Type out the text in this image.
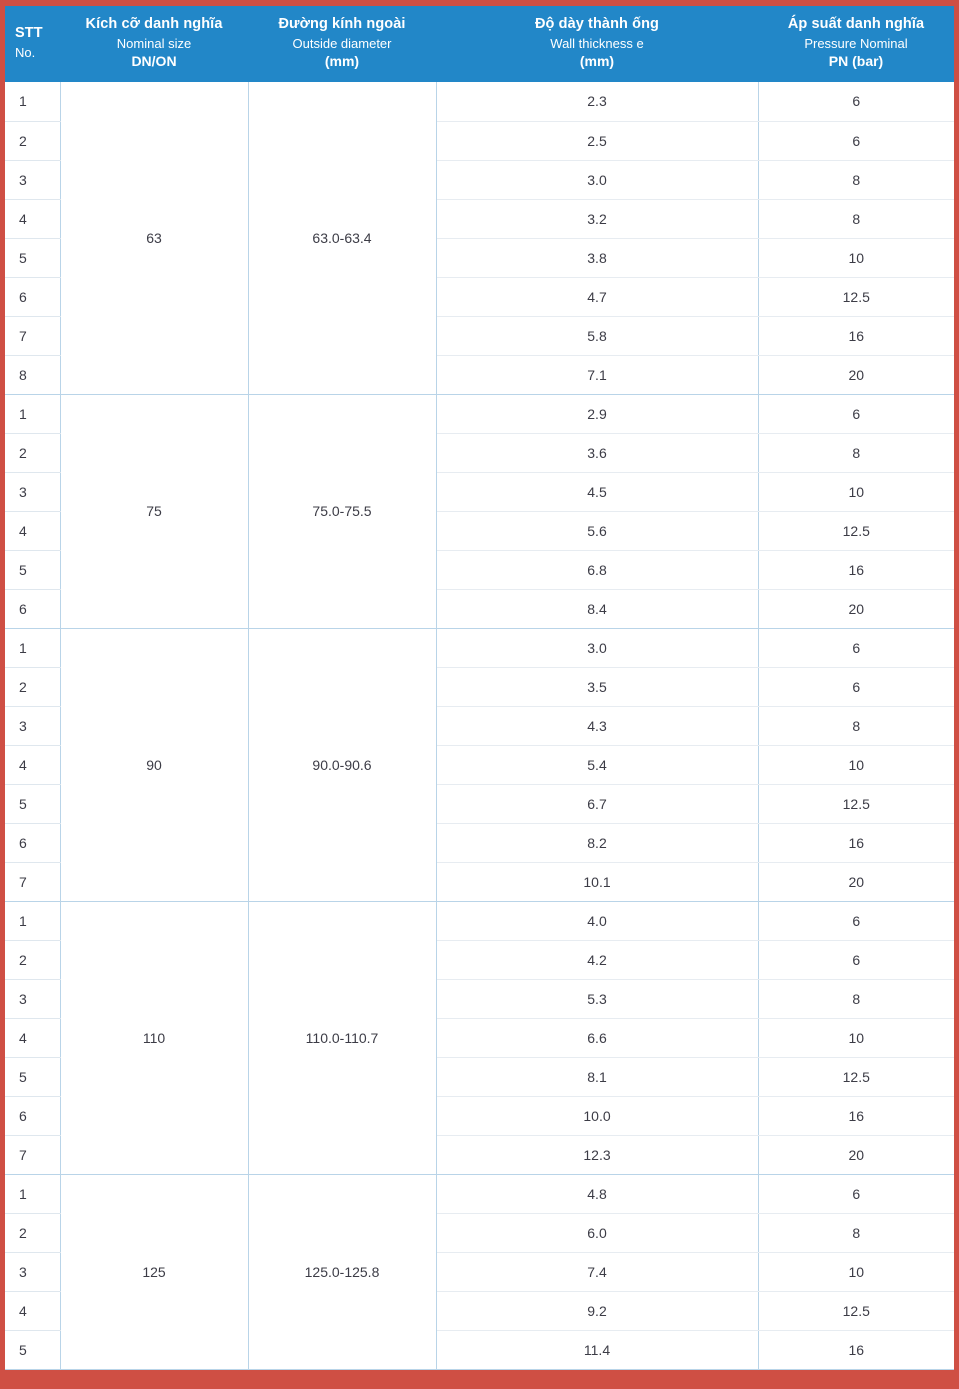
STT
No.

Kích cỡ danh nghĩa
Nominal size
DN/ON

Đường kính ngoài
Outside diameter
(mm)

Độ dày thành ống
Wall thickness e
(mm)

Áp suất danh nghĩa
Pressure Nominal
PN (bar)

1	63	63.0-63.4	2.3	6
2			2.5	6
3			3.0	8
4			3.2	8
5			3.8	10
6			4.7	12.5
7			5.8	16
8			7.1	20
1	75	75.0-75.5	2.9	6
2			3.6	8
3			4.5	10
4			5.6	12.5
5			6.8	16
6			8.4	20
1	90	90.0-90.6	3.0	6
2			3.5	6
3			4.3	8
4			5.4	10
5			6.7	12.5
6			8.2	16
7			10.1	20
1	110	110.0-110.7	4.0	6
2			4.2	6
3			5.3	8
4			6.6	10
5			8.1	12.5
6			10.0	16
7			12.3	20
1	125	125.0-125.8	4.8	6
2			6.0	8
3			7.4	10
4			9.2	12.5
5			11.4	16
